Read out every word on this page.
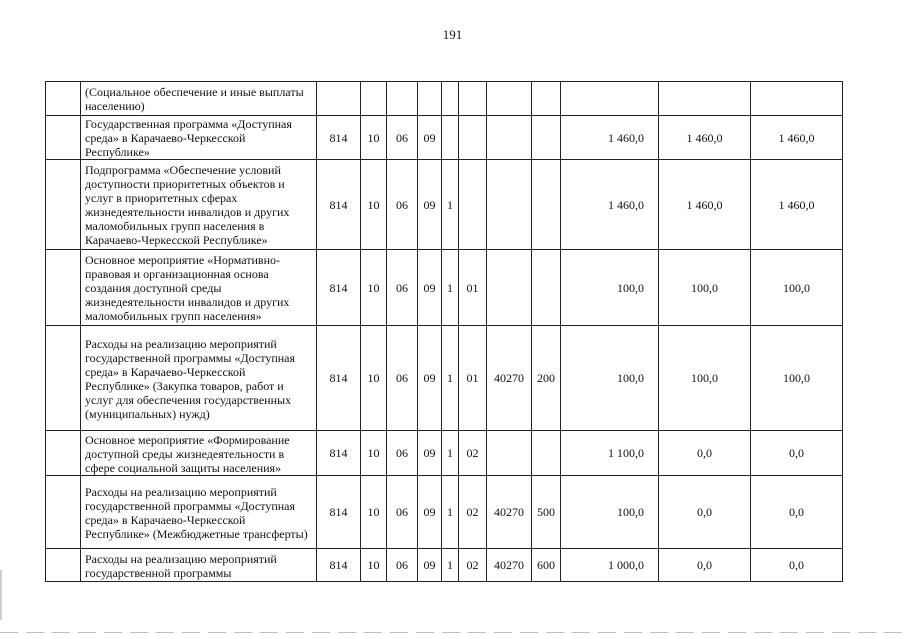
191
	(Социальное обеспечение и иные выплаты населению)											
	Государственная программа «Доступная среда» в Карачаево-Черкесской Республике»	814	10	06	09					1 460,0	1 460,0	1 460,0
	Подпрограмма «Обеспечение условий доступности приоритетных объектов и услуг в приоритетных сферах жизнедеятельности инвалидов и других маломобильных групп населения в Карачаево-Черкесской Республике»	814	10	06	09	1				1 460,0	1 460,0	1 460,0
	Основное мероприятие «Нормативно-правовая и организационная основа создания доступной среды жизнедеятельности инвалидов и других маломобильных групп населения»	814	10	06	09	1	01			100,0	100,0	100,0
	Расходы на реализацию мероприятий государственной программы «Доступная среда» в Карачаево-Черкесской Республике» (Закупка товаров, работ и услуг для обеспечения государственных (муниципальных) нужд)	814	10	06	09	1	01	40270	200	100,0	100,0	100,0
	Основное мероприятие «Формирование доступной среды жизнедеятельности в сфере социальной защиты населения»	814	10	06	09	1	02			1 100,0	0,0	0,0
	Расходы на реализацию мероприятий государственной программы «Доступная среда» в Карачаево-Черкесской Республике» (Межбюджетные трансферты)	814	10	06	09	1	02	40270	500	100,0	0,0	0,0
	Расходы на реализацию мероприятий государственной программы	814	10	06	09	1	02	40270	600	1 000,0	0,0	0,0
